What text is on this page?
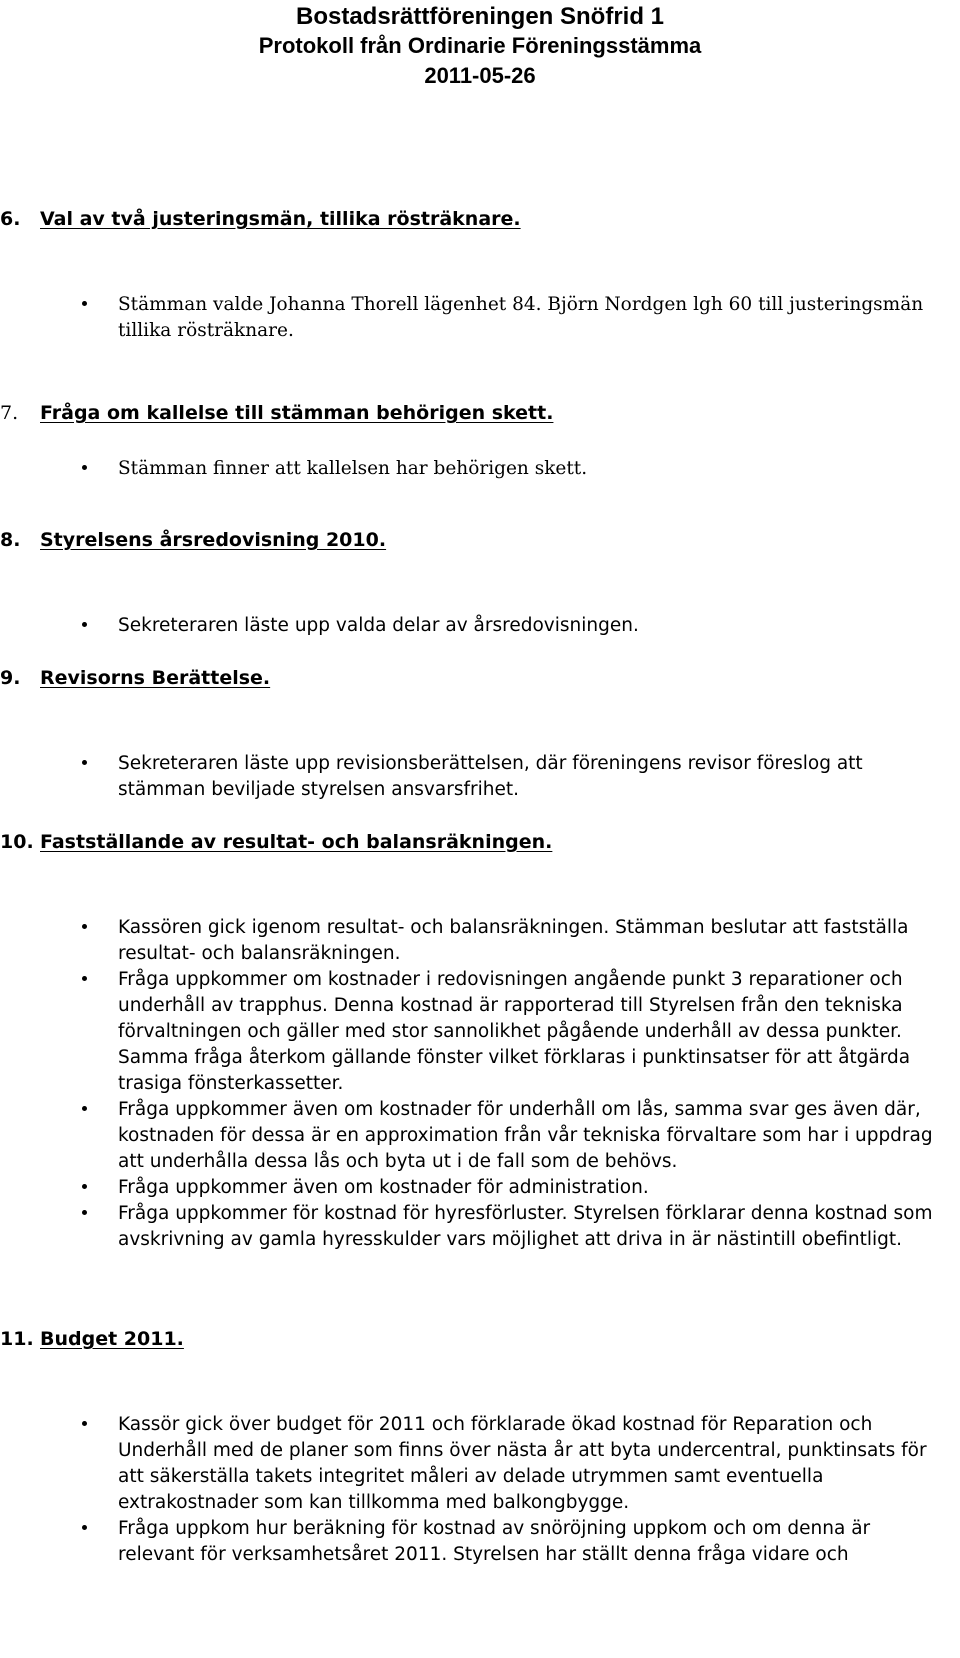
Bostadsrättföreningen Snöfrid 1
Protokoll från Ordinarie Föreningsstämma
2011-05-26
6. Val av två justeringsmän, tillika rösträknare.
Stämman valde Johanna Thorell lägenhet 84. Björn Nordgen lgh 60 till justeringsmän tillika rösträknare.
7. Fråga om kallelse till stämman behörigen skett.
Stämman finner att kallelsen har behörigen skett.
8. Styrelsens årsredovisning 2010.
Sekreteraren läste upp valda delar av årsredovisningen.
9. Revisorns Berättelse.
Sekreteraren läste upp revisionsberättelsen, där föreningens revisor föreslog att stämman beviljade styrelsen ansvarsfrihet.
10. Fastställande av resultat- och balansräkningen.
Kassören gick igenom resultat- och balansräkningen. Stämman beslutar att fastställa resultat- och balansräkningen.
Fråga uppkommer om kostnader i redovisningen angående punkt 3 reparationer och underhåll av trapphus. Denna kostnad är rapporterad till Styrelsen från den tekniska förvaltningen och gäller med stor sannolikhet pågående underhåll av dessa punkter. Samma fråga återkom gällande fönster vilket förklaras i punktinsatser för att åtgärda trasiga fönsterkassetter.
Fråga uppkommer även om kostnader för underhåll om lås, samma svar ges även där, kostnaden för dessa är en approximation från vår tekniska förvaltare som har i uppdrag att underhålla dessa lås och byta ut i de fall som de behövs.
Fråga uppkommer även om kostnader för administration.
Fråga uppkommer för kostnad för hyresförluster. Styrelsen förklarar denna kostnad som avskrivning av gamla hyresskulder vars möjlighet att driva in är nästintill obefintligt.
11. Budget 2011.
Kassör gick över budget för 2011 och förklarade ökad kostnad för Reparation och Underhåll med de planer som finns över nästa år att byta undercentral, punktinsats för att säkerställa takets integritet måleri av delade utrymmen samt eventuella extrakostnader som kan tillkomma med balkongbygge.
Fråga uppkom hur beräkning för kostnad av snöröjning uppkom och om denna är relevant för verksamhetsåret 2011. Styrelsen har ställt denna fråga vidare och
